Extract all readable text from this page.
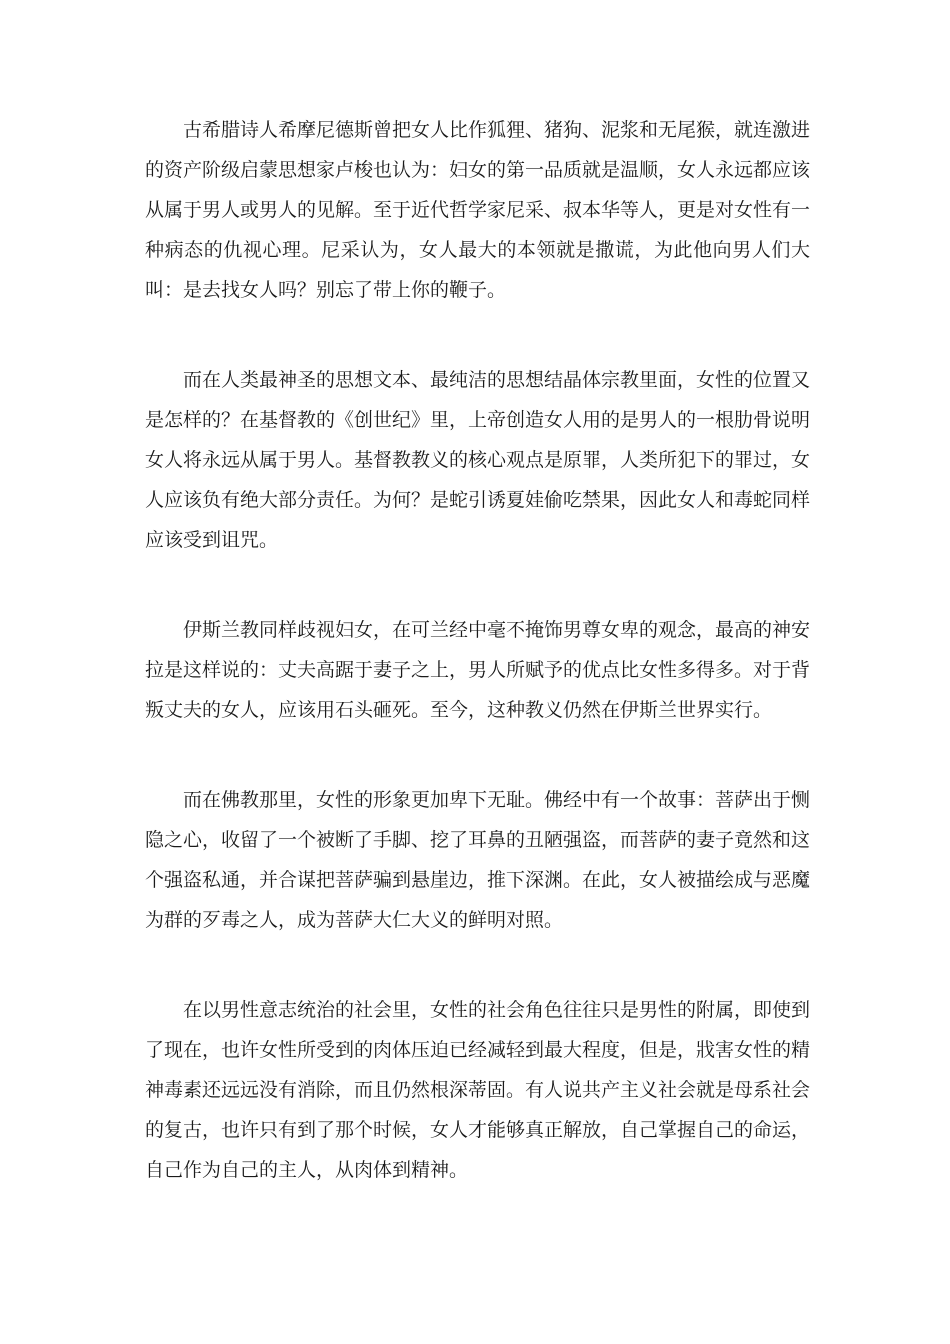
古希腊诗人希摩尼德斯曾把女人比作狐狸、猪狗、泥浆和无尾猴，就连激进的资产阶级启蒙思想家卢梭也认为：妇女的第一品质就是温顺，女人永远都应该从属于男人或男人的见解。至于近代哲学家尼采、叔本华等人，更是对女性有一种病态的仇视心理。尼采认为，女人最大的本领就是撒谎，为此他向男人们大叫：是去找女人吗？别忘了带上你的鞭子。

而在人类最神圣的思想文本、最纯洁的思想结晶体宗教里面，女性的位置又是怎样的？在基督教的《创世纪》里，上帝创造女人用的是男人的一根肋骨说明女人将永远从属于男人。基督教教义的核心观点是原罪，人类所犯下的罪过，女人应该负有绝大部分责任。为何？是蛇引诱夏娃偷吃禁果，因此女人和毒蛇同样应该受到诅咒。

伊斯兰教同样歧视妇女，在可兰经中毫不掩饰男尊女卑的观念，最高的神安拉是这样说的：丈夫高踞于妻子之上，男人所赋予的优点比女性多得多。对于背叛丈夫的女人，应该用石头砸死。至今，这种教义仍然在伊斯兰世界实行。

而在佛教那里，女性的形象更加卑下无耻。佛经中有一个故事：菩萨出于恻隐之心，收留了一个被断了手脚、挖了耳鼻的丑陋强盗，而菩萨的妻子竟然和这个强盗私通，并合谋把菩萨骗到悬崖边，推下深渊。在此，女人被描绘成与恶魔为群的歹毒之人，成为菩萨大仁大义的鲜明对照。

在以男性意志统治的社会里，女性的社会角色往往只是男性的附属，即使到了现在，也许女性所受到的肉体压迫已经减轻到最大程度，但是，戕害女性的精神毒素还远远没有消除，而且仍然根深蒂固。有人说共产主义社会就是母系社会的复古，也许只有到了那个时候，女人才能够真正解放，自己掌握自己的命运，自己作为自己的主人，从肉体到精神。
